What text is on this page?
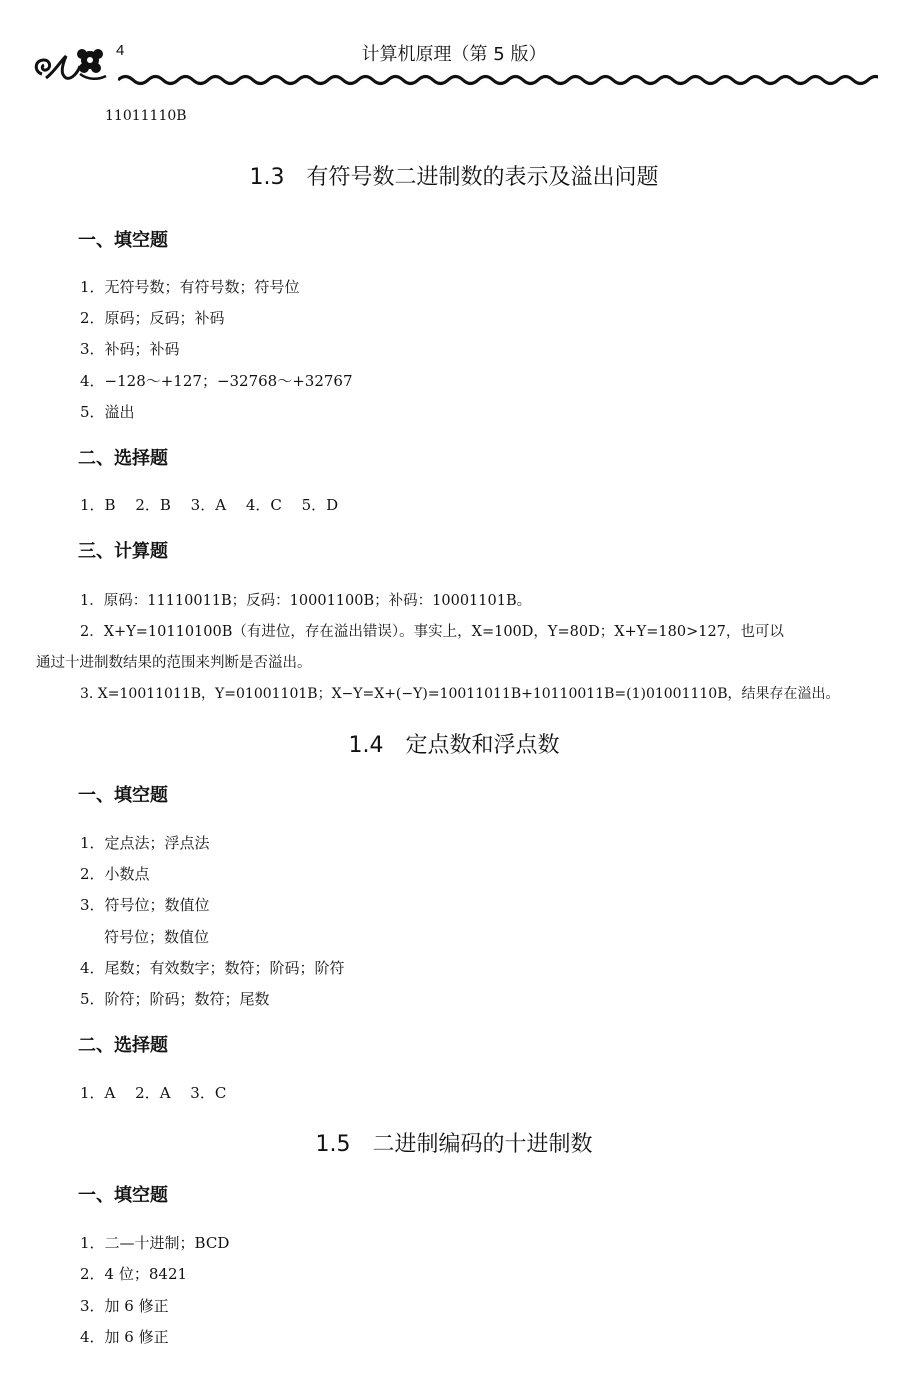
4	计算机原理（第 5 版）
11011110B
1.3　有符号数二进制数的表示及溢出问题
一、填空题
1．无符号数；有符号数；符号位
2．原码；反码；补码
3．补码；补码
4．−128～+127；−32768～+32767
5．溢出
二、选择题
1．B　 2．B　 3．A　 4．C　 5．D
三、计算题
1．原码：11110011B；反码：10001100B；补码：10001101B。
2．X+Y=10110100B（有进位，存在溢出错误）。事实上，X=100D，Y=80D；X+Y=180>127，也可以
通过十进制数结果的范围来判断是否溢出。
3. X=10011011B，Y=01001101B；X−Y=X+(−Y)=10011011B+10110011B=(1)01001110B，结果存在溢出。
1.4　定点数和浮点数
一、填空题
1．定点法；浮点法
2．小数点
3．符号位；数值位
符号位；数值位
4．尾数；有效数字；数符；阶码；阶符
5．阶符；阶码；数符；尾数
二、选择题
1．A　 2．A　 3．C
1.5　二进制编码的十进制数
一、填空题
1．二—十进制；BCD
2．4 位；8421
3．加 6 修正
4．加 6 修正
